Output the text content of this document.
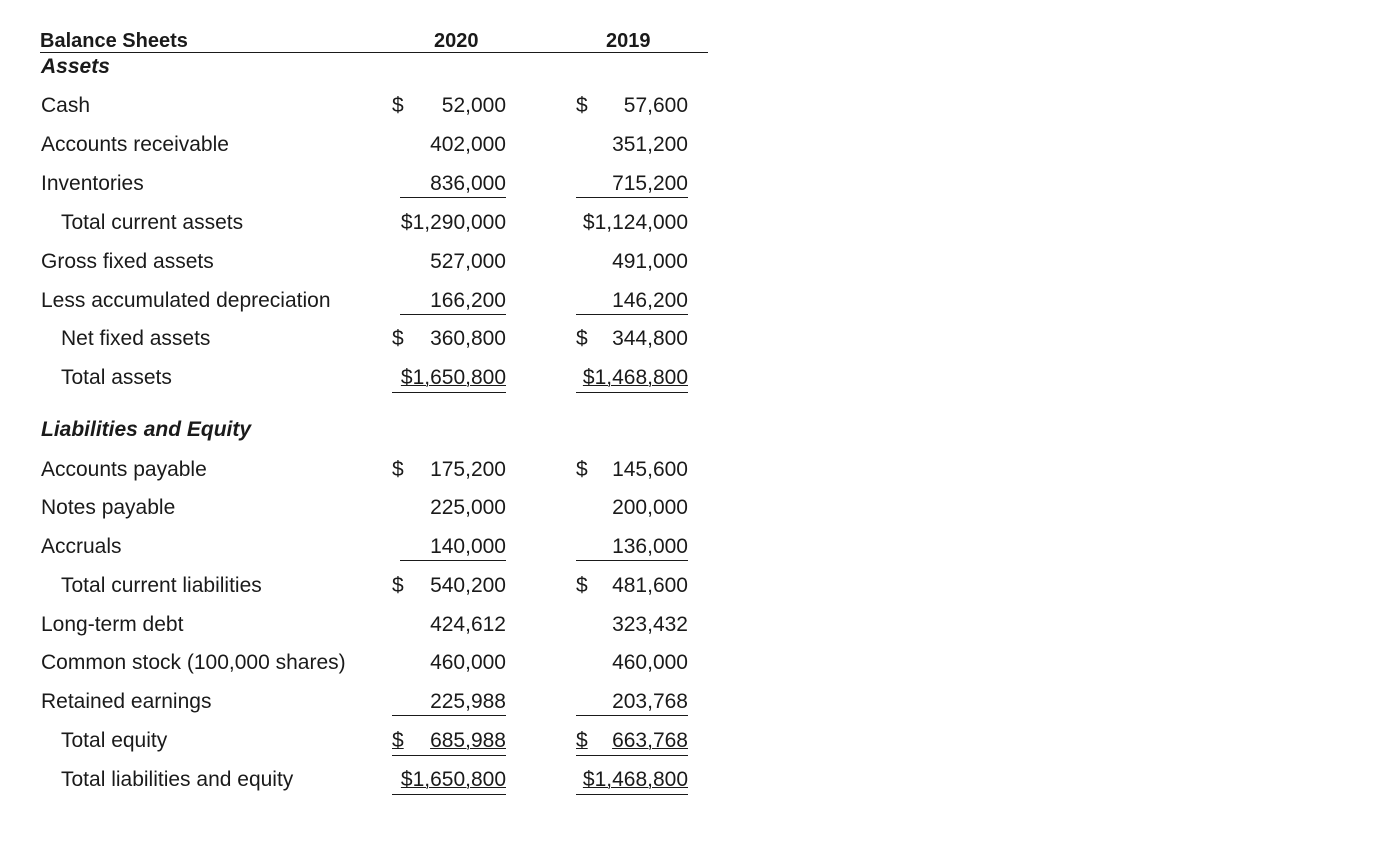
Balance Sheets	2020	2019
Assets
Cash	$ 52,000	$ 57,600
Accounts receivable	402,000	351,200
Inventories	836,000	715,200
Total current assets	$1,290,000	$1,124,000
Gross fixed assets	527,000	491,000
Less accumulated depreciation	166,200	146,200
Net fixed assets	$ 360,800	$ 344,800
Total assets	$1,650,800	$1,468,800
Liabilities and Equity
Accounts payable	$ 175,200	$ 145,600
Notes payable	225,000	200,000
Accruals	140,000	136,000
Total current liabilities	$ 540,200	$ 481,600
Long-term debt	424,612	323,432
Common stock (100,000 shares)	460,000	460,000
Retained earnings	225,988	203,768
Total equity	$ 685,988	$ 663,768
Total liabilities and equity	$1,650,800	$1,468,800
